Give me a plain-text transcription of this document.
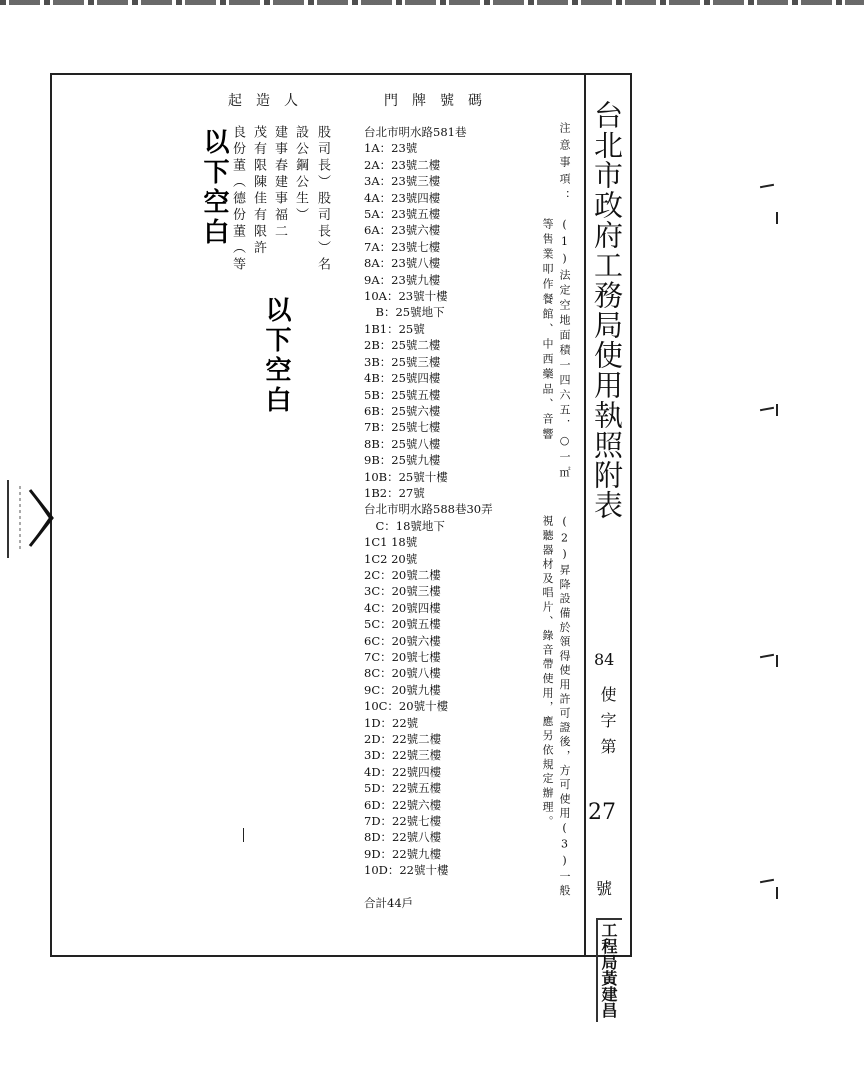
起造人	門牌號碼
股司長）股司長）名
設公鋼公生）
建事春建事福二
茂有限陳佳有限許
良份董（德份董（等
以下空白
以下空白
台北市明水路581巷
1A：23號
2A：23號二樓
3A：23號三樓
4A：23號四樓
5A：23號五樓
6A：23號六樓
7A：23號七樓
8A：23號八樓
9A：23號九樓
10A：23號十樓
　B：25號地下
1B1：25號
2B：25號二樓
3B：25號三樓
4B：25號四樓
5B：25號五樓
6B：25號六樓
7B：25號七樓
8B：25號八樓
9B：25號九樓
10B：25號十樓
1B2：27號
台北市明水路588巷30弄
　C：18號地下
1C1 18號
1C2 20號
2C：20號二樓
3C：20號三樓
4C：20號四樓
5C：20號五樓
6C：20號六樓
7C：20號七樓
8C：20號八樓
9C：20號九樓
10C：20號十樓
1D：22號
2D：22號二樓
3D：22號三樓
4D：22號四樓
5D：22號五樓
6D：22號六樓
7D：22號七樓
8D：22號八樓
9D：22號九樓
10D：22號十樓
合計44戶
注意事項：
(1)法定空地面積一四六五．○一㎡
等售業叩作餐館、中西藥品、音響
(2)昇降設備於領得使用許可證後，方可使用(3)一般
視聽器材及唱片、錄音帶使用，應另依規定辦理。
台北市政府工務局使用執照附表
84
使字第
27
號
工程局黃建昌
